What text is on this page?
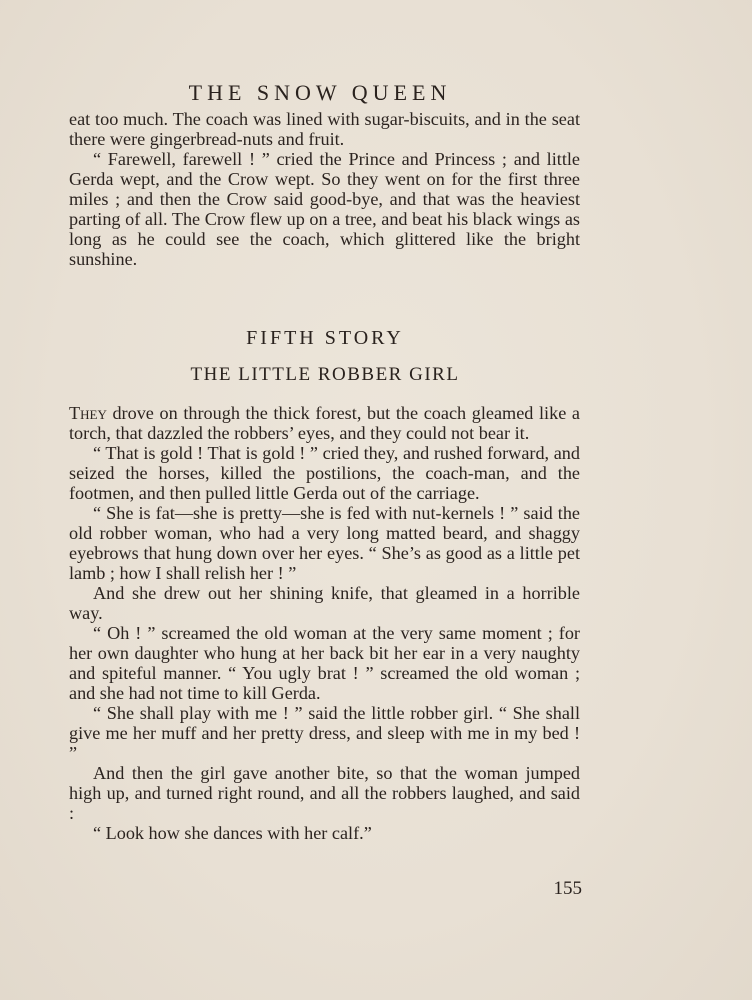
THE SNOW QUEEN

eat too much. The coach was lined with sugar-biscuits, and in the seat there were gingerbread-nuts and fruit.

“ Farewell, farewell ! ” cried the Prince and Princess ; and little Gerda wept, and the Crow wept. So they went on for the first three miles ; and then the Crow said good-bye, and that was the heaviest parting of all. The Crow flew up on a tree, and beat his black wings as long as he could see the coach, which glittered like the bright sunshine.

FIFTH STORY
THE LITTLE ROBBER GIRL

They drove on through the thick forest, but the coach gleamed like a torch, that dazzled the robbers’ eyes, and they could not bear it.

“ That is gold ! That is gold ! ” cried they, and rushed forward, and seized the horses, killed the postilions, the coach-man, and the footmen, and then pulled little Gerda out of the carriage.

“ She is fat—she is pretty—she is fed with nut-kernels ! ” said the old robber woman, who had a very long matted beard, and shaggy eyebrows that hung down over her eyes. “ She’s as good as a little pet lamb ; how I shall relish her ! ”

And she drew out her shining knife, that gleamed in a horrible way.

“ Oh ! ” screamed the old woman at the very same moment ; for her own daughter who hung at her back bit her ear in a very naughty and spiteful manner. “ You ugly brat ! ” screamed the old woman ; and she had not time to kill Gerda.

“ She shall play with me ! ” said the little robber girl. “ She shall give me her muff and her pretty dress, and sleep with me in my bed ! ”

And then the girl gave another bite, so that the woman jumped high up, and turned right round, and all the robbers laughed, and said :

“ Look how she dances with her calf.”

155
